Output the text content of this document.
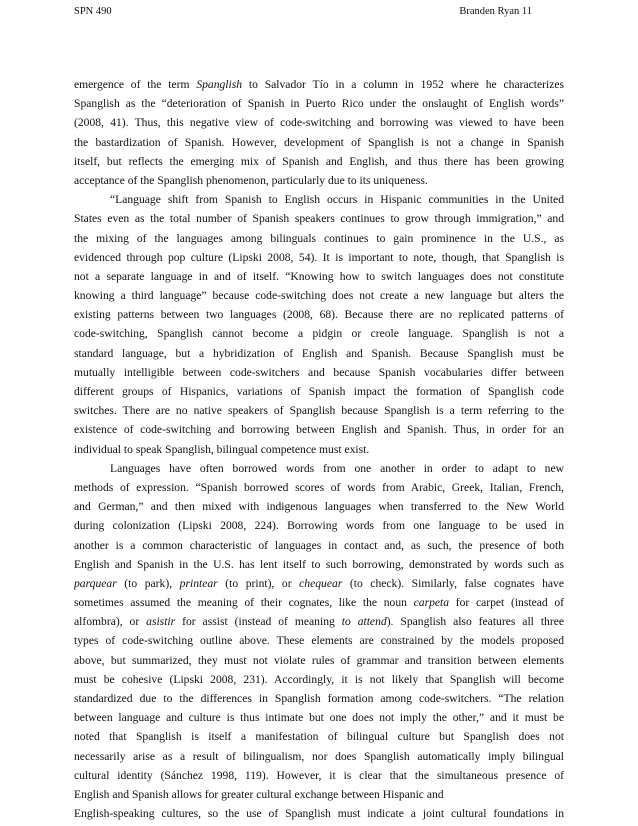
SPN 490	Branden Ryan 11
emergence of the term Spanglish to Salvador Tío in a column in 1952 where he characterizes
Spanglish as the “deterioration of Spanish in Puerto Rico under the onslaught of English words”
(2008, 41). Thus, this negative view of code-switching and borrowing was viewed to have been
the bastardization of Spanish. However, development of Spanglish is not a change in Spanish
itself, but reflects the emerging mix of Spanish and English, and thus there has been growing
acceptance of the Spanglish phenomenon, particularly due to its uniqueness.
“Language shift from Spanish to English occurs in Hispanic communities in the United
States even as the total number of Spanish speakers continues to grow through immigration,” and
the mixing of the languages among bilinguals continues to gain prominence in the U.S., as
evidenced through pop culture (Lipski 2008, 54). It is important to note, though, that Spanglish is
not a separate language in and of itself. “Knowing how to switch languages does not constitute
knowing a third language” because code-switching does not create a new language but alters the
existing patterns between two languages (2008, 68). Because there are no replicated patterns of
code-switching, Spanglish cannot become a pidgin or creole language. Spanglish is not a
standard language, but a hybridization of English and Spanish. Because Spanglish must be
mutually intelligible between code-switchers and because Spanish vocabularies differ between
different groups of Hispanics, variations of Spanish impact the formation of Spanglish code
switches. There are no native speakers of Spanglish because Spanglish is a term referring to the
existence of code-switching and borrowing between English and Spanish. Thus, in order for an
individual to speak Spanglish, bilingual competence must exist.
Languages have often borrowed words from one another in order to adapt to new
methods of expression. “Spanish borrowed scores of words from Arabic, Greek, Italian, French,
and German,” and then mixed with indigenous languages when transferred to the New World
during colonization (Lipski 2008, 224). Borrowing words from one language to be used in
another is a common characteristic of languages in contact and, as such, the presence of both
English and Spanish in the U.S. has lent itself to such borrowing, demonstrated by words such as
parquear (to park), printear (to print), or chequear (to check). Similarly, false cognates have
sometimes assumed the meaning of their cognates, like the noun carpeta for carpet (instead of
alfombra), or asistir for assist (instead of meaning to attend). Spanglish also features all three
types of code-switching outline above. These elements are constrained by the models proposed
above, but summarized, they must not violate rules of grammar and transition between elements
must be cohesive (Lipski 2008, 231). Accordingly, it is not likely that Spanglish will become
standardized due to the differences in Spanglish formation among code-switchers. “The relation
between language and culture is thus intimate but one does not imply the other,” and it must be
noted that Spanglish is itself a manifestation of bilingual culture but Spanglish does not
necessarily arise as a result of bilingualism, nor does Spanglish automatically imply bilingual
cultural identity (Sánchez 1998, 119). However, it is clear that the simultaneous presence of
English and Spanish allows for greater cultural exchange between Hispanic and
English-speaking cultures, so the use of Spanglish must indicate a joint cultural foundations in
